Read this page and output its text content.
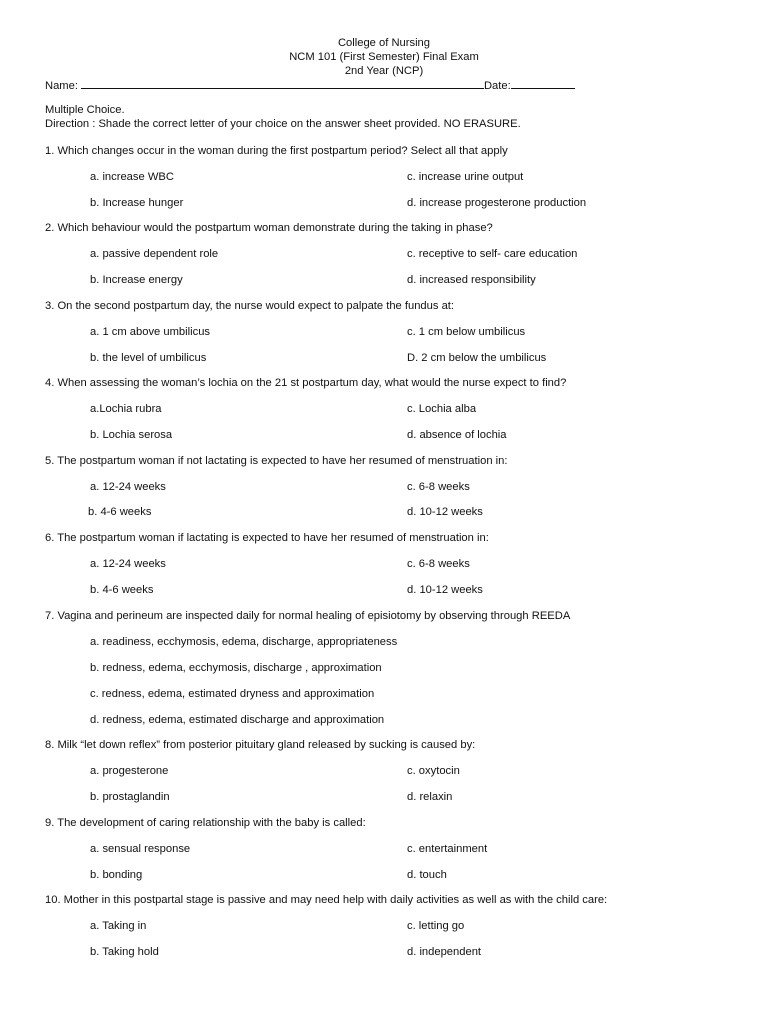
College of Nursing
NCM 101 (First Semester) Final Exam
2nd Year (NCP)
Name:	Date:
Multiple Choice.
Direction : Shade the correct letter of your choice on the answer sheet provided. NO ERASURE.
1. Which changes occur in the woman during the first postpartum period? Select all that apply
a. increase WBC	c. increase urine output
b. Increase hunger	d. increase progesterone production
2. Which behaviour would the postpartum woman demonstrate during the taking in phase?
a. passive dependent role	c. receptive to self- care education
b. Increase energy	d. increased responsibility
3. On the second postpartum day, the nurse would expect to palpate the fundus at:
a. 1 cm above umbilicus	c. 1 cm below umbilicus
b. the level of umbilicus	D. 2 cm below the umbilicus
4. When assessing the woman’s lochia on the 21 st postpartum day, what would the nurse expect to find?
a.Lochia rubra	c. Lochia alba
b. Lochia serosa	d. absence of lochia
5. The postpartum woman if not lactating is expected to have her resumed of menstruation in:
a. 12-24 weeks	c. 6-8 weeks
b. 4-6 weeks	d. 10-12 weeks
6. The postpartum woman if lactating is expected to have her resumed of menstruation in:
a. 12-24 weeks	c. 6-8 weeks
b. 4-6 weeks	d. 10-12 weeks
7. Vagina and perineum are inspected daily for normal healing of episiotomy by observing through REEDA
a. readiness, ecchymosis, edema, discharge, appropriateness
b. redness, edema, ecchymosis, discharge , approximation
c. redness, edema, estimated dryness and approximation
d. redness, edema, estimated discharge and approximation
8. Milk “let down reflex” from posterior pituitary gland released by sucking is caused by:
a. progesterone	c. oxytocin
b. prostaglandin	d. relaxin
9. The development of caring relationship with the baby is called:
a. sensual response	c. entertainment
b. bonding	d. touch
10. Mother in this postpartal stage is passive and may need help with daily activities as well as with the child care:
a. Taking in	c. letting go
b. Taking hold	d. independent
